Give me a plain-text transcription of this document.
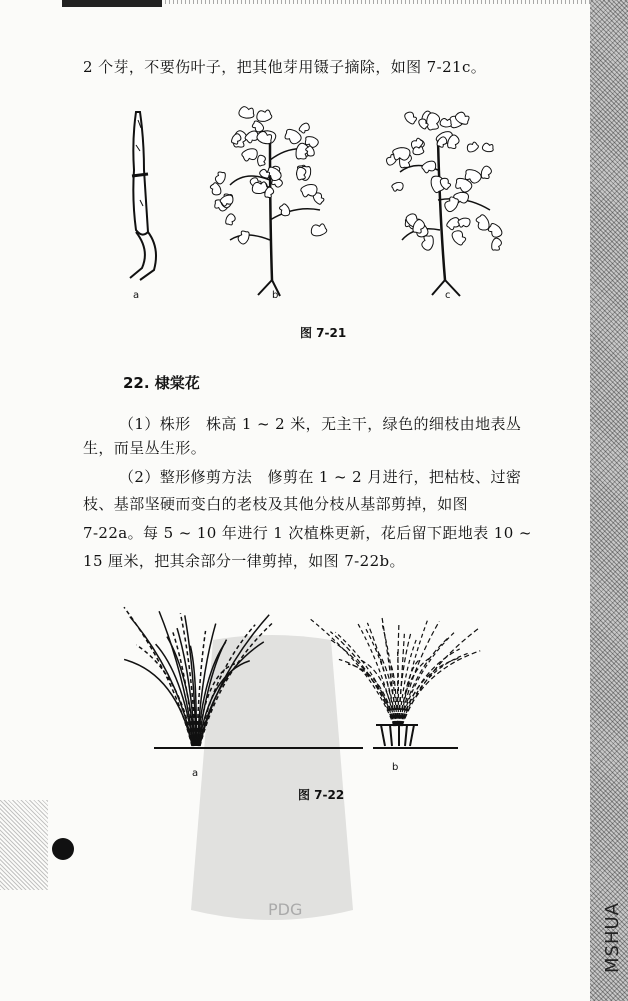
MSHUA
2 个芽，不要伤叶子，把其他芽用镊子摘除，如图 7-21c。
a	b	c
图 7-21
22. 棣棠花
（1）株形　株高 1 ~ 2 米，无主干，绿色的细枝由地表丛
生，而呈丛生形。
（2）整形修剪方法　修剪在 1 ~ 2 月进行，把枯枝、过密
枝、基部坚硬而变白的老枝及其他分枝从基部剪掉，如图
7-22a。每 5 ~ 10 年进行 1 次植株更新，花后留下距地表 10 ~
15 厘米，把其余部分一律剪掉，如图 7-22b。
PDG
a
b
图 7-22
